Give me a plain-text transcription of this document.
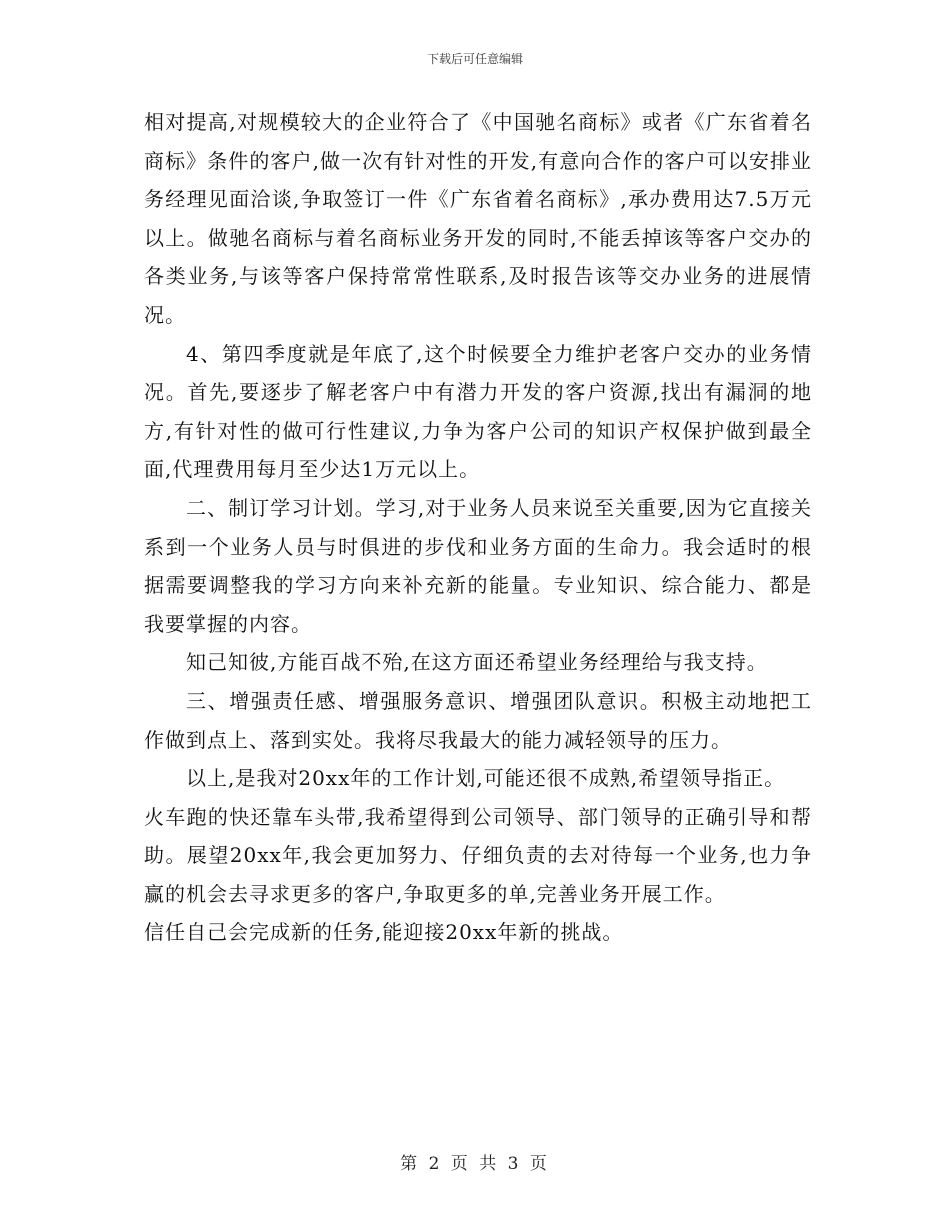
下载后可任意编辑

相对提高,对规模较大的企业符合了《中国驰名商标》或者《广东省着名商标》条件的客户,做一次有针对性的开发,有意向合作的客户可以安排业务经理见面洽谈,争取签订一件《广东省着名商标》,承办费用达7.5万元以上。做驰名商标与着名商标业务开发的同时,不能丢掉该等客户交办的各类业务,与该等客户保持常常性联系,及时报告该等交办业务的进展情况。

4、第四季度就是年底了,这个时候要全力维护老客户交办的业务情况。首先,要逐步了解老客户中有潜力开发的客户资源,找出有漏洞的地方,有针对性的做可行性建议,力争为客户公司的知识产权保护做到最全面,代理费用每月至少达1万元以上。

二、制订学习计划。学习,对于业务人员来说至关重要,因为它直接关系到一个业务人员与时俱进的步伐和业务方面的生命力。我会适时的根据需要调整我的学习方向来补充新的能量。专业知识、综合能力、都是我要掌握的内容。

知己知彼,方能百战不殆,在这方面还希望业务经理给与我支持。

三、增强责任感、增强服务意识、增强团队意识。积极主动地把工作做到点上、落到实处。我将尽我最大的能力减轻领导的压力。

以上,是我对20xx年的工作计划,可能还很不成熟,希望领导指正。

火车跑的快还靠车头带,我希望得到公司领导、部门领导的正确引导和帮助。展望20xx年,我会更加努力、仔细负责的去对待每一个业务,也力争赢的机会去寻求更多的客户,争取更多的单,完善业务开展工作。

信任自己会完成新的任务,能迎接20xx年新的挑战。

第 2 页 共 3 页
